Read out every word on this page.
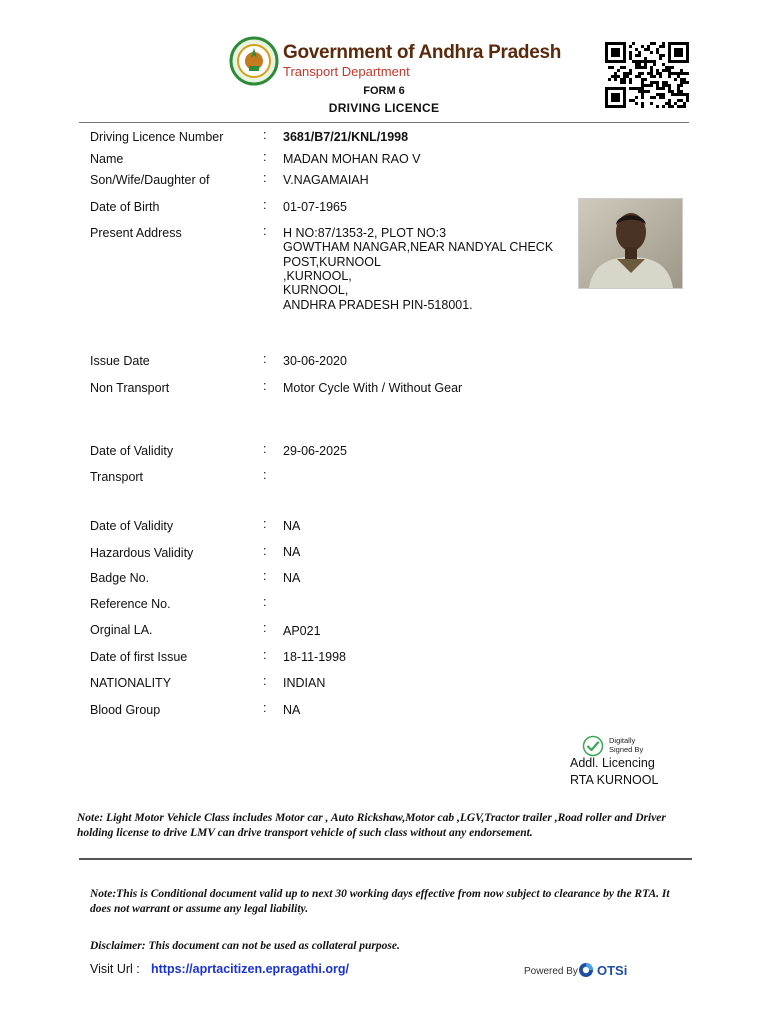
Government of Andhra Pradesh
Transport Department
FORM 6
DRIVING LICENCE
Driving Licence Number	: 3681/B7/21/KNL/1998
Name	: MADAN MOHAN RAO V
Son/Wife/Daughter of	: V.NAGAMAIAH
Date of Birth	: 01-07-1965
Present Address	: H NO:87/1353-2, PLOT NO:3
GOWTHAM NANGAR,NEAR NANDYAL CHECK
POST,KURNOOL
,KURNOOL,
KURNOOL,
ANDHRA PRADESH PIN-518001.
Issue Date	: 30-06-2020
Non Transport	: Motor Cycle With / Without Gear
Date of Validity	: 29-06-2025
Transport	:
Date of Validity	: NA
Hazardous Validity	: NA
Badge No.	: NA
Reference No.	:
Orginal LA.	: AP021
Date of first Issue	: 18-11-1998
NATIONALITY	: INDIAN
Blood Group	: NA
Digitally
Signed By
Addl. Licencing
RTA KURNOOL
Note: Light Motor Vehicle Class includes Motor car , Auto Rickshaw,Motor cab ,LGV,Tractor trailer ,Road roller and Driver holding license to drive LMV can drive transport vehicle of such class without any endorsement.
Note:This is Conditional document valid up to next 30 working days effective from now subject to clearance by the RTA. It does not warrant or assume any legal liability.
Disclaimer: This document can not be used as collateral purpose.
Visit Url : https://aprtacitizen.epragathi.org/	Powered By OTSi
